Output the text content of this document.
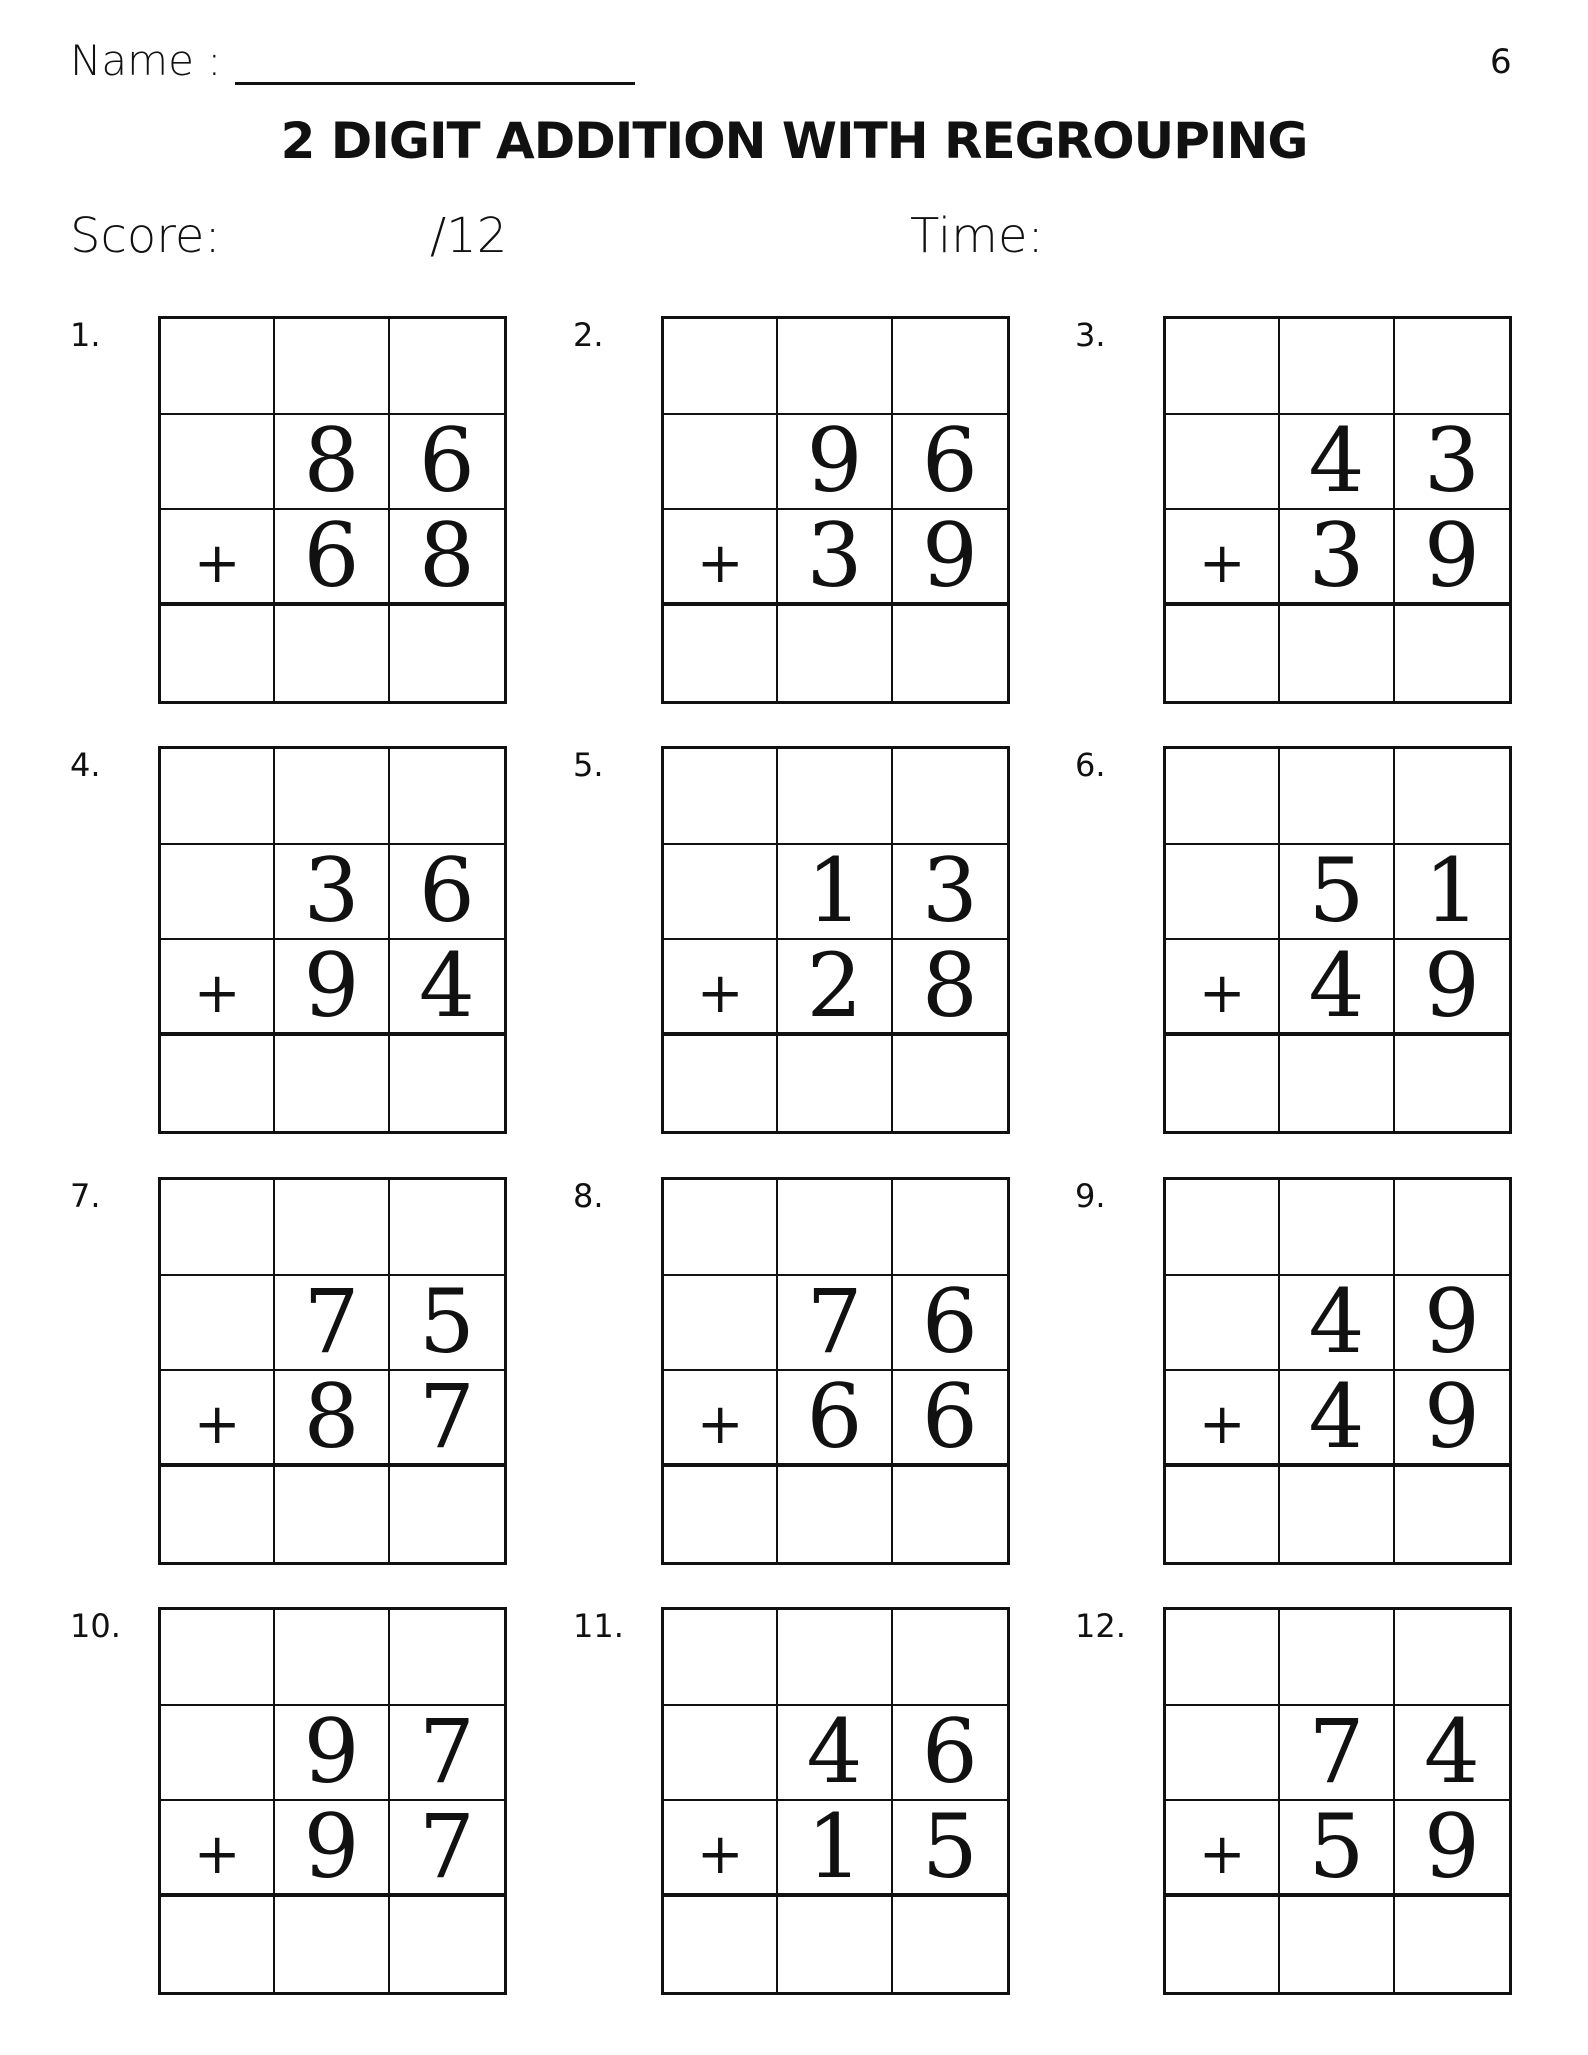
Name :	6
2 DIGIT ADDITION WITH REGROUPING
Score:	/12	Time:
1.
8 6
+ 6 8
2.
9 6
+ 3 9
3.
4 3
+ 3 9
4.
3 6
+ 9 4
5.
1 3
+ 2 8
6.
5 1
+ 4 9
7.
7 5
+ 8 7
8.
7 6
+ 6 6
9.
4 9
+ 4 9
10.
9 7
+ 9 7
11.
4 6
+ 1 5
12.
7 4
+ 5 9
